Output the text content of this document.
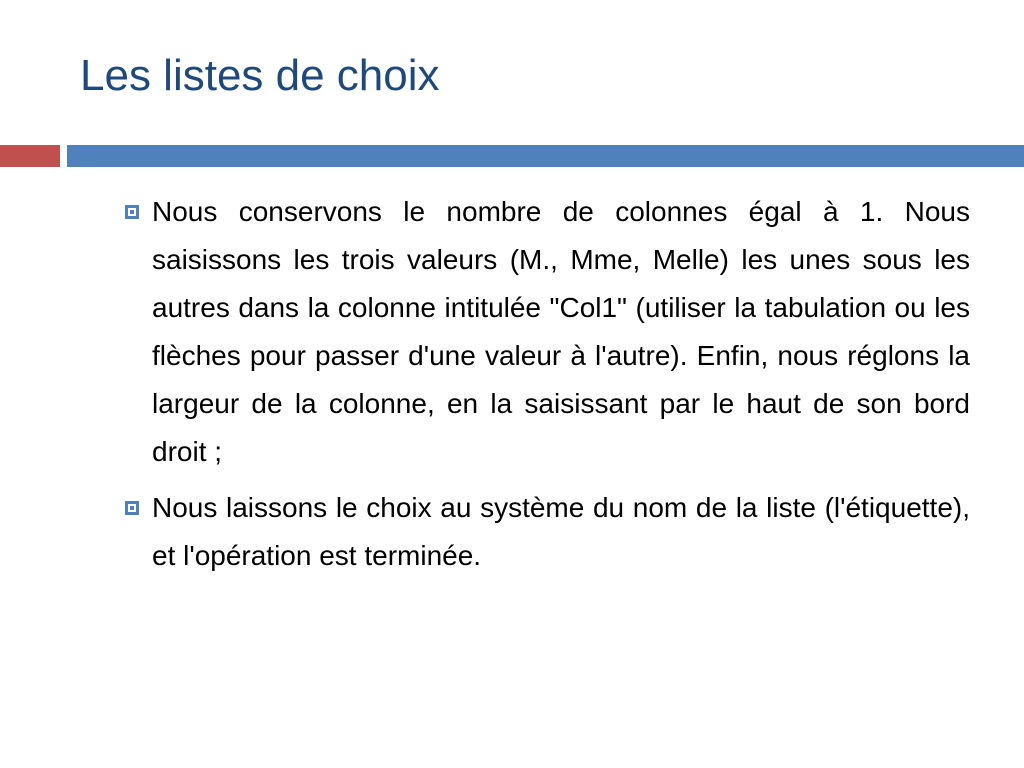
Les listes de choix
Nous conservons le nombre de colonnes égal à 1. Nous saisissons les trois valeurs (M., Mme, Melle) les unes sous les autres dans la colonne intitulée "Col1" (utiliser la tabulation ou les flèches pour passer d'une valeur à l'autre). Enfin, nous réglons la largeur de la colonne, en la saisissant par le haut de son bord droit ;
Nous laissons le choix au système du nom de la liste (l'étiquette), et l'opération est terminée.
